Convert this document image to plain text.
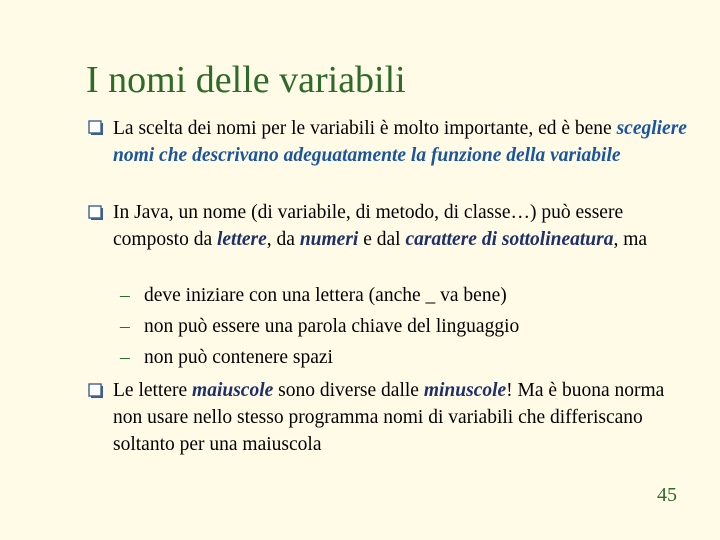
I nomi delle variabili
La scelta dei nomi per le variabili è molto importante, ed è bene scegliere nomi che descrivano adeguatamente la funzione della variabile
In Java, un nome (di variabile, di metodo, di classe…) può essere composto da lettere, da numeri e dal carattere di sottolineatura, ma
– deve iniziare con una lettera (anche _ va bene)
– non può essere una parola chiave del linguaggio
– non può contenere spazi
Le lettere maiuscole sono diverse dalle minuscole! Ma è buona norma non usare nello stesso programma nomi di variabili che differiscano soltanto per una maiuscola
45
